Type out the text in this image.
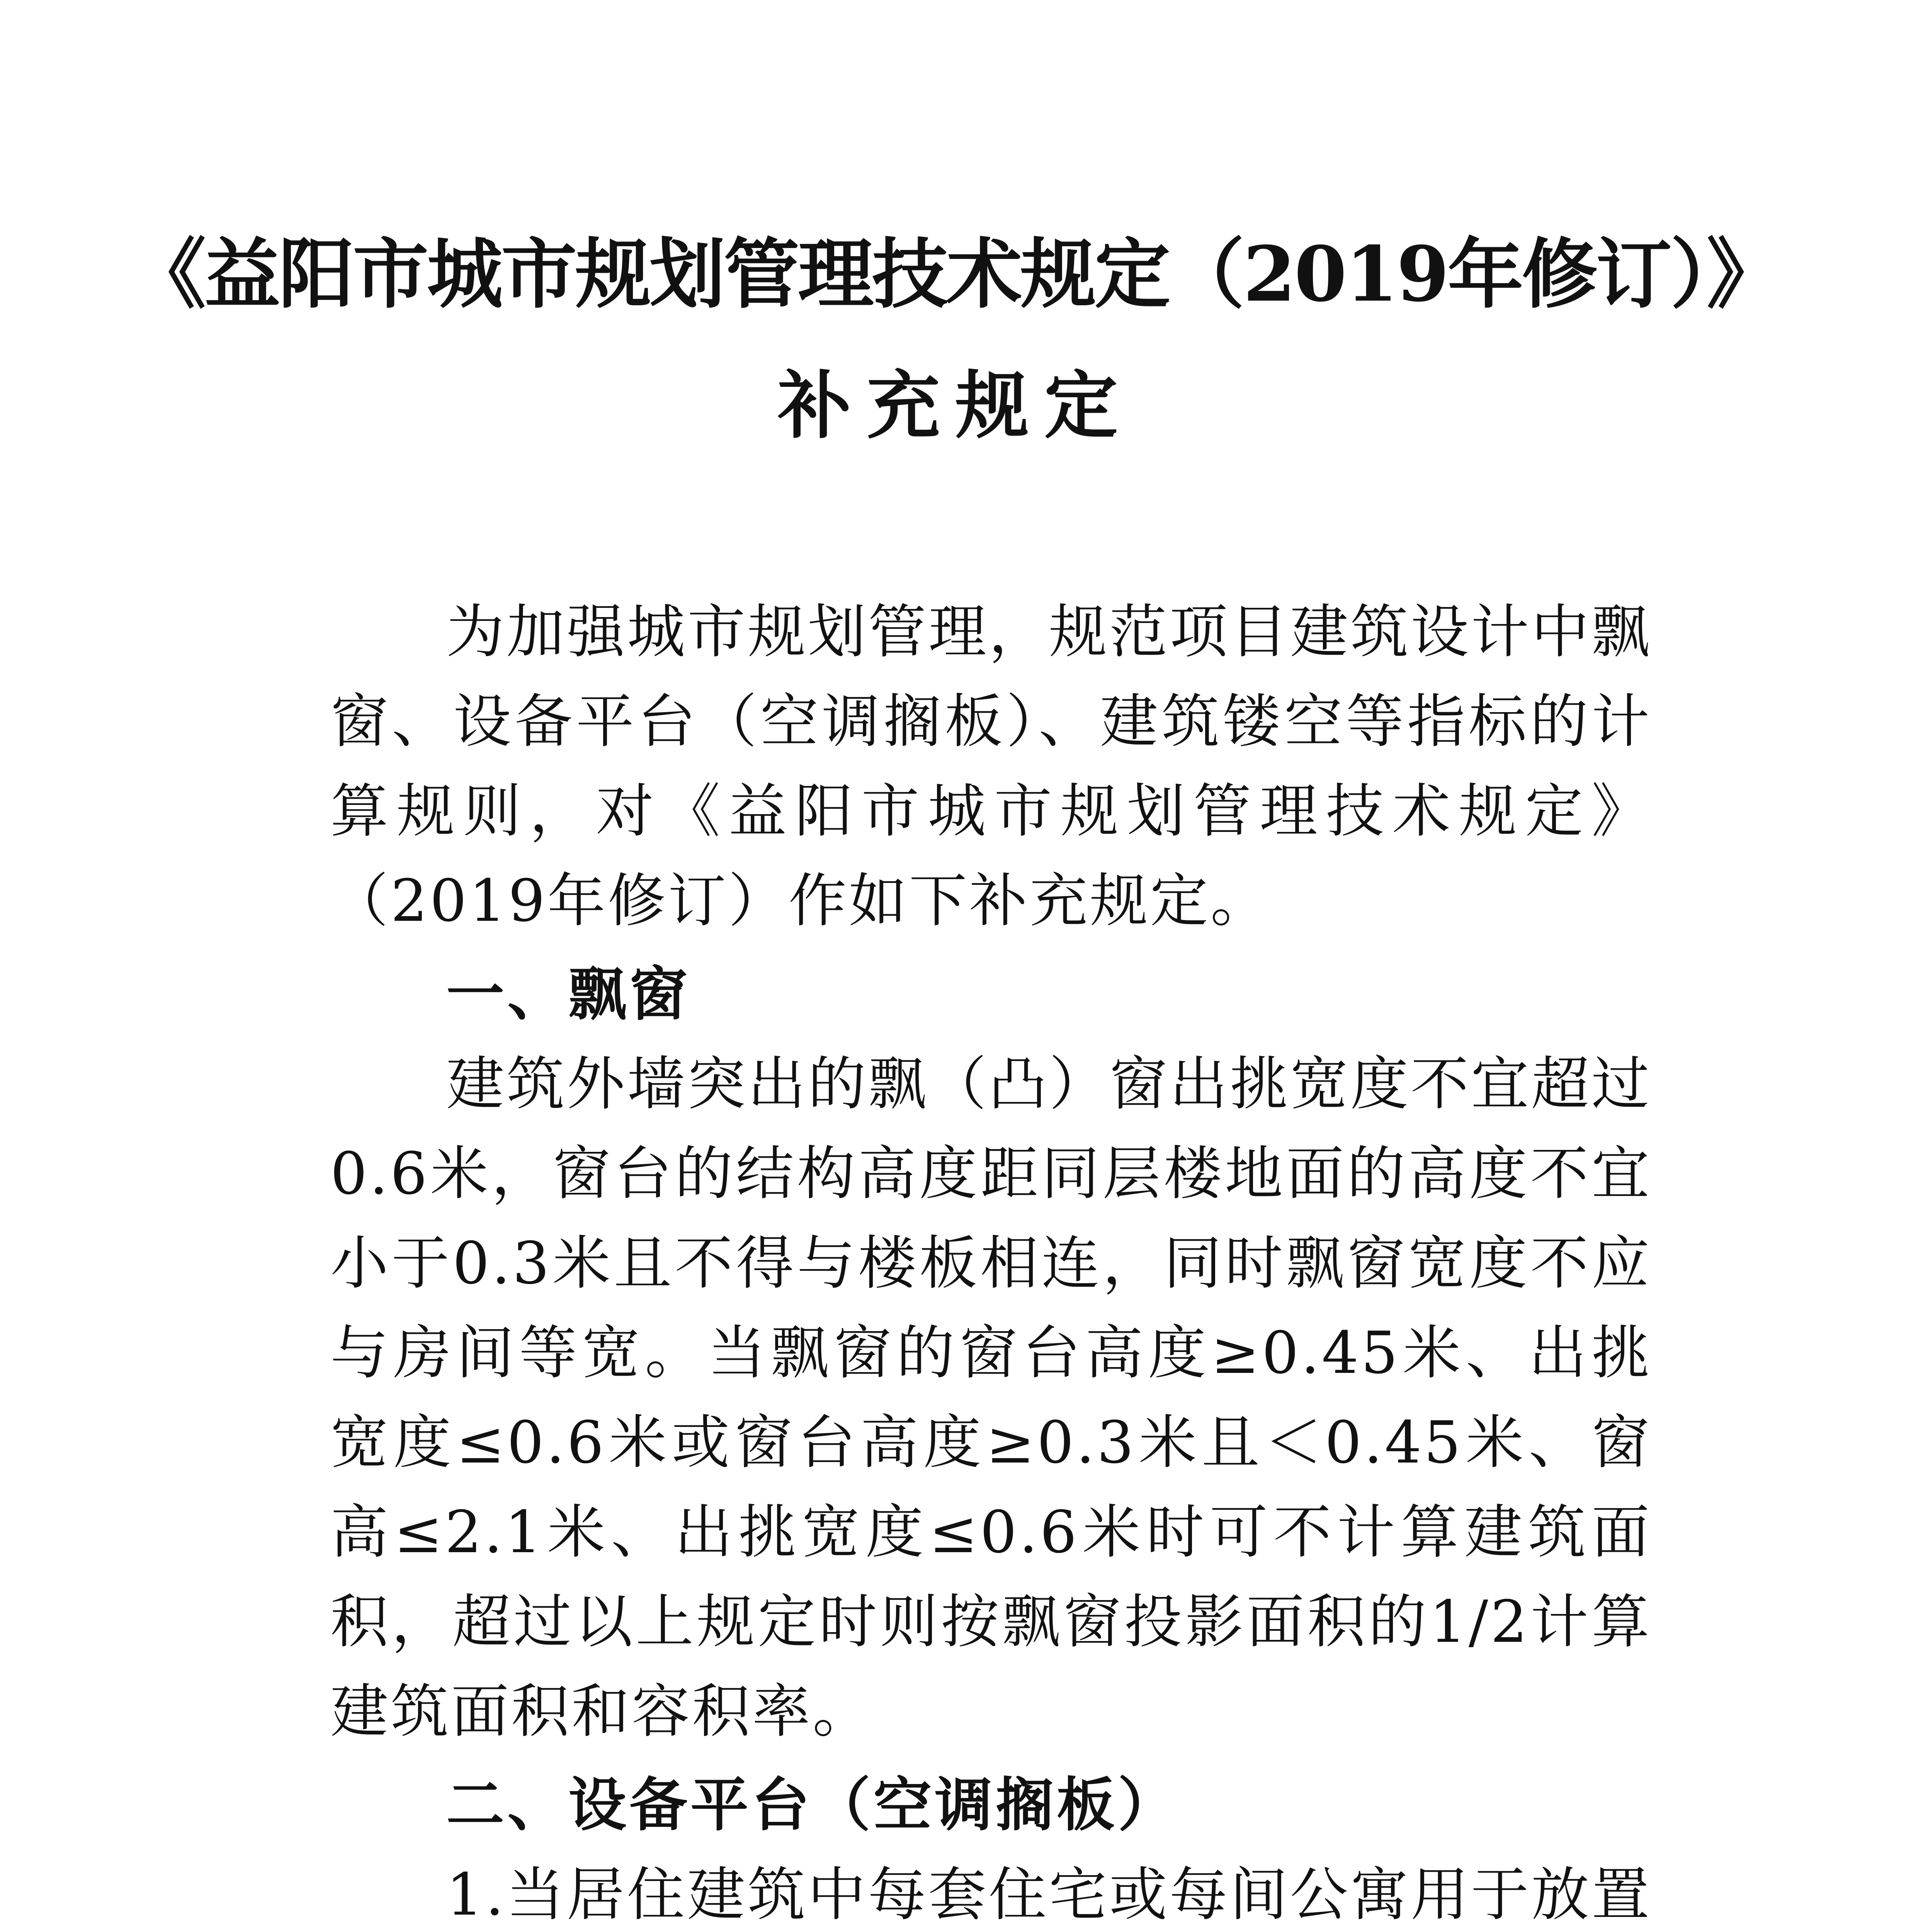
《益阳市城市规划管理技术规定（2019年修订）》
补充规定

为加强城市规划管理，规范项目建筑设计中飘窗、设备平台（空调搁板）、建筑镂空等指标的计算规则，对《益阳市城市规划管理技术规定》（2019年修订）作如下补充规定。

一、飘窗

建筑外墙突出的飘（凸）窗出挑宽度不宜超过0.6米，窗台的结构高度距同层楼地面的高度不宜小于0.3米且不得与楼板相连，同时飘窗宽度不应与房间等宽。当飘窗的窗台高度≥0.45米、出挑宽度≤0.6米或窗台高度≥0.3米且＜0.45米、窗高≤2.1米、出挑宽度≤0.6米时可不计算建筑面积，超过以上规定时则按飘窗投影面积的1/2计算建筑面积和容积率。

二、设备平台（空调搁板）

1.当居住建筑中每套住宅或每间公寓用于放置
